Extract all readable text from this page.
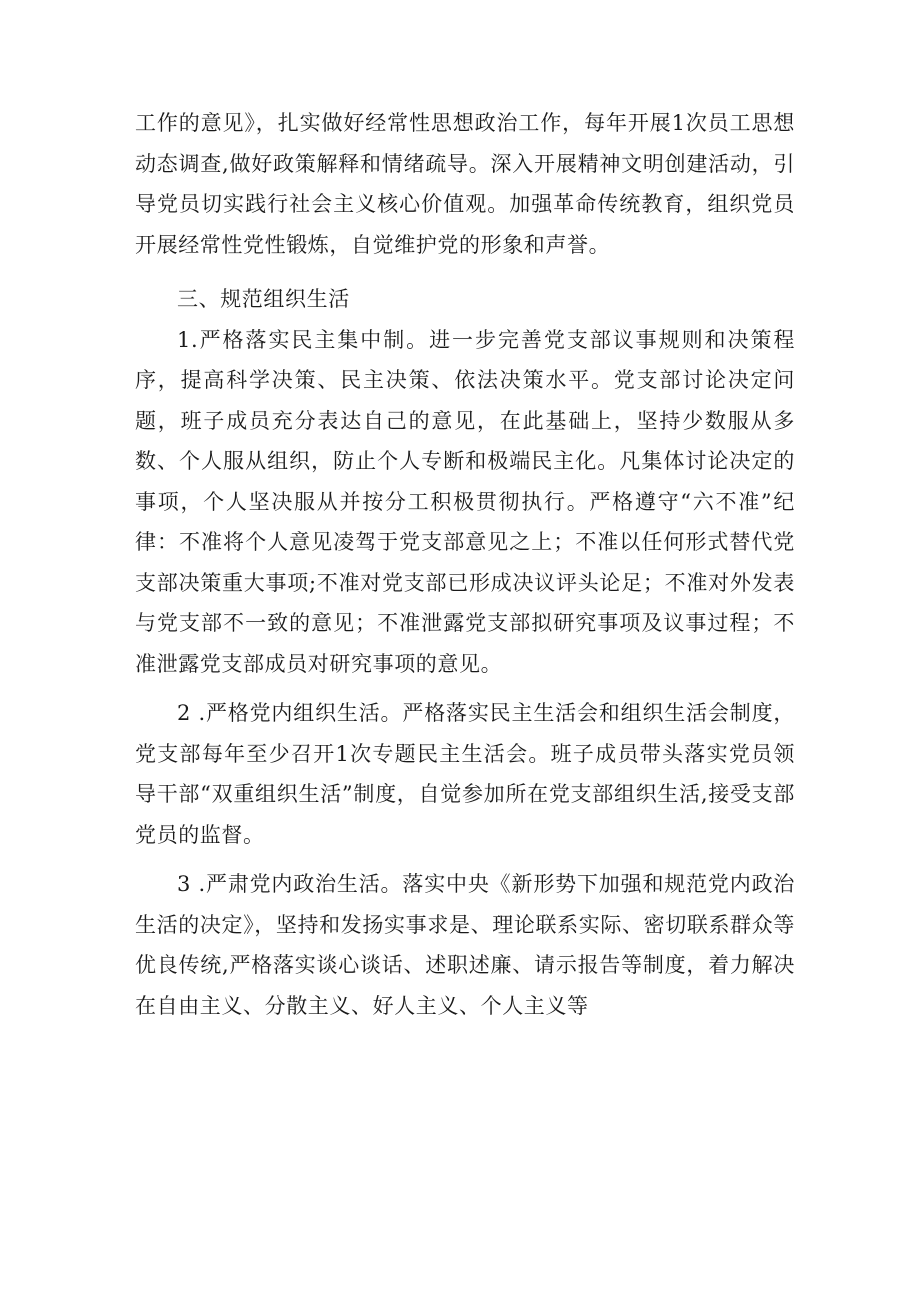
工作的意见》，扎实做好经常性思想政治工作，每年开展1次员工思想动态调查,做好政策解释和情绪疏导。深入开展精神文明创建活动，引导党员切实践行社会主义核心价值观。加强革命传统教育，组织党员开展经常性党性锻炼，自觉维护党的形象和声誉。

三、规范组织生活

1.严格落实民主集中制。进一步完善党支部议事规则和决策程序，提高科学决策、民主决策、依法决策水平。党支部讨论决定问题，班子成员充分表达自己的意见，在此基础上，坚持少数服从多数、个人服从组织，防止个人专断和极端民主化。凡集体讨论决定的事项，个人坚决服从并按分工积极贯彻执行。严格遵守“六不准”纪律：不准将个人意见凌驾于党支部意见之上；不准以任何形式替代党支部决策重大事项;不准对党支部已形成决议评头论足；不准对外发表与党支部不一致的意见；不准泄露党支部拟研究事项及议事过程；不准泄露党支部成员对研究事项的意见。

2 .严格党内组织生活。严格落实民主生活会和组织生活会制度，党支部每年至少召开1次专题民主生活会。班子成员带头落实党员领导干部“双重组织生活”制度，自觉参加所在党支部组织生活,接受支部党员的监督。

3 .严肃党内政治生活。落实中央《新形势下加强和规范党内政治生活的决定》，坚持和发扬实事求是、理论联系实际、密切联系群众等优良传统,严格落实谈心谈话、述职述廉、请示报告等制度，着力解决在自由主义、分散主义、好人主义、个人主义等
